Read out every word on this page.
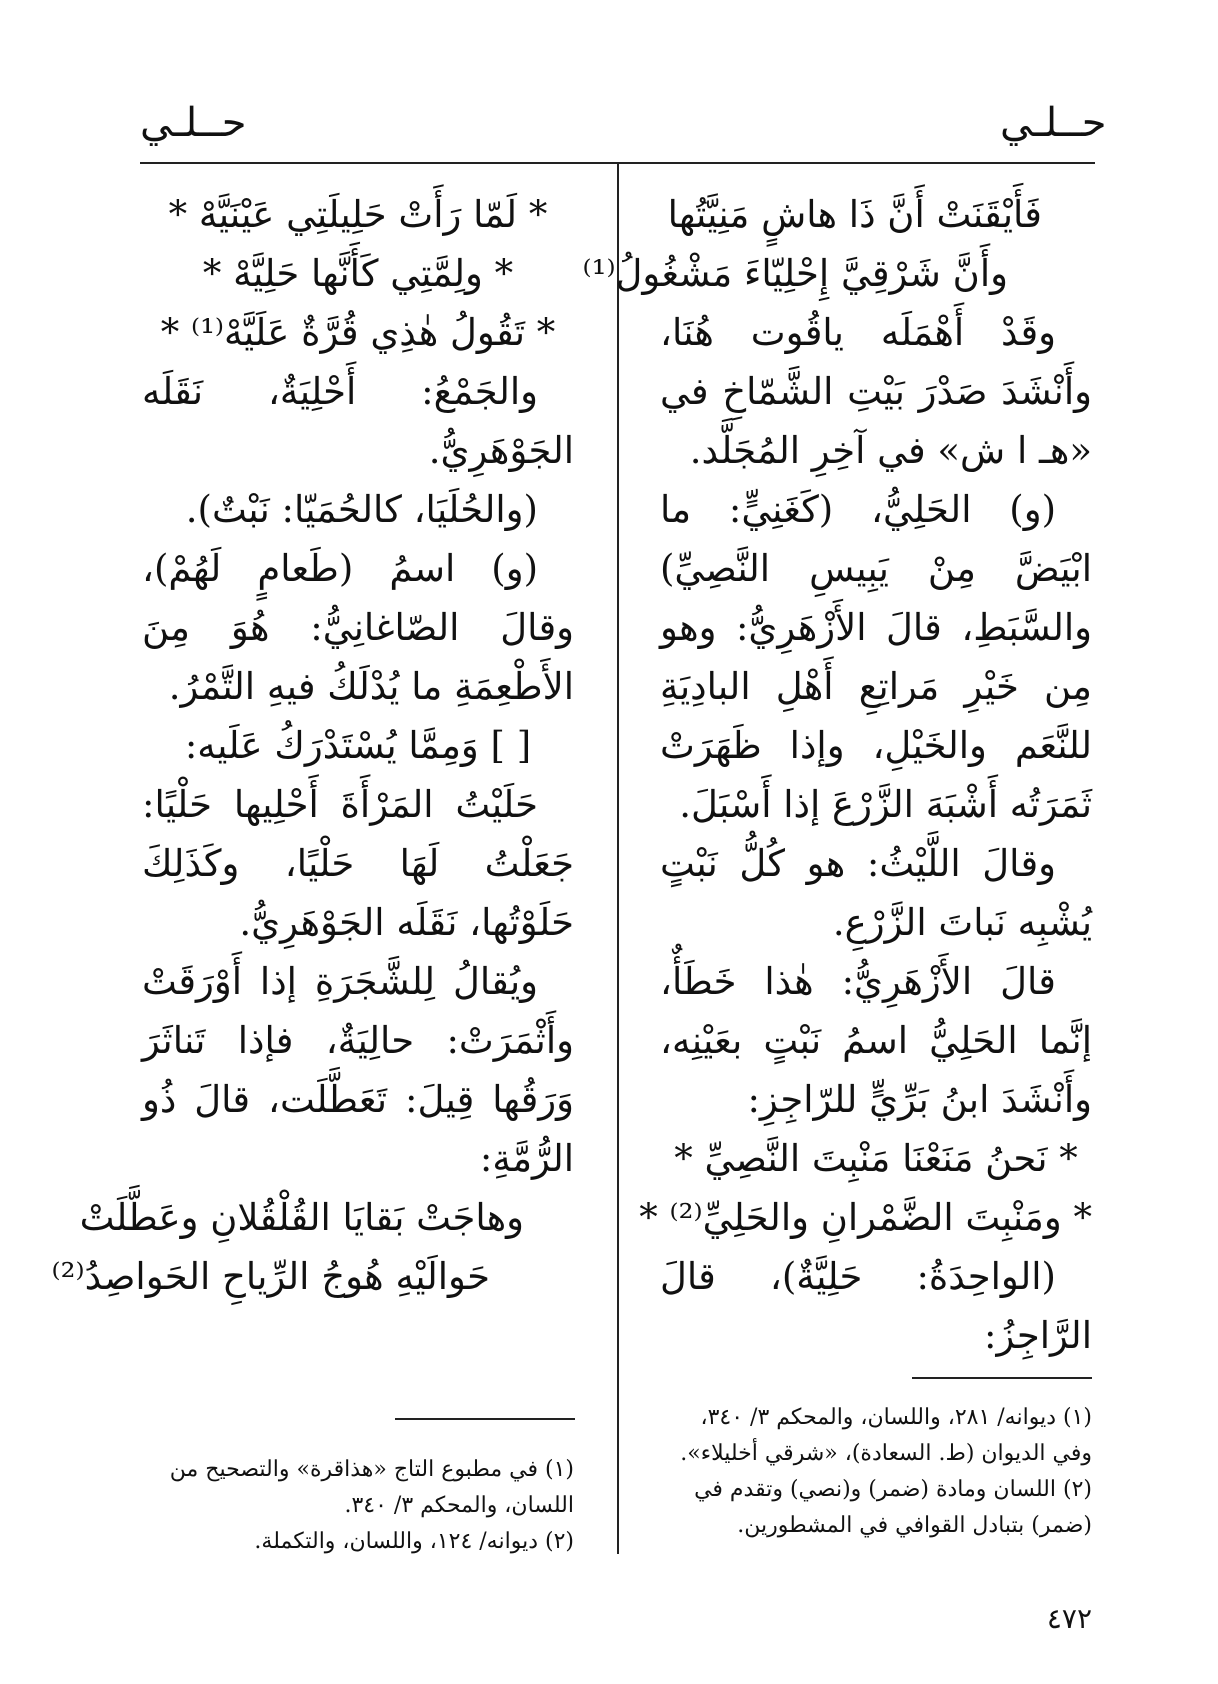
حــلـي
حــلـي

فَأَيْقَنَتْ أَنَّ ذَا هاشٍ مَنِيَّتُها

وأَنَّ شَرْقِيَّ إِحْلِيّاءَ مَشْغُولُ⁽¹⁾

وقَدْ أَهْمَلَه ياقُوت هُنَا، وأَنْشَدَ صَدْرَ بَيْتِ الشَّمّاخِ في «هـ ا ش» في آخِرِ المُجَلَّد.

(و) الحَلِيُّ، (كَغَنِيٍّ: ما ابْيَضَّ مِنْ يَبِيسِ النَّصِيِّ) والسَّبَطِ، قالَ الأَزْهَرِيُّ: وهو مِن خَيْرِ مَراتِعِ أَهْلِ البادِيَةِ للنَّعَم والخَيْلِ، وإذا ظَهَرَتْ ثَمَرَتُه أَشْبَهَ الزَّرْعَ إذا أَسْبَلَ.

وقالَ اللَّيْثُ: هو كُلُّ نَبْتٍ يُشْبِه نَباتَ الزَّرْعِ.

قالَ الأَزْهَرِيُّ: هٰذا خَطَأٌ، إنَّما الحَلِيُّ اسمُ نَبْتٍ بعَيْنِه، وأَنْشَدَ ابنُ بَرِّيٍّ للرّاجِزِ:

* نَحنُ مَنَعْنَا مَنْبِتَ النَّصِيِّ *

* ومَنْبِتَ الضَّمْرانِ والحَلِيِّ⁽²⁾ *

(الواحِدَةُ: حَلِيَّةٌ)، قالَ الرَّاجِزُ:

* لَمّا رَأَتْ حَلِيلَتِي عَيْنَيَّهْ *

* ولِمَّتِي كَأَنَّها حَلِيَّهْ *

* تَقُولُ هٰذِي قُرَّةٌ عَلَيَّهْ⁽¹⁾ *

والجَمْعُ: أَحْلِيَةٌ، نَقَلَه الجَوْهَرِيُّ.

(والحُلَيَا، كالحُمَيّا: نَبْتٌ).

(و) اسمُ (طَعامٍ لَهُمْ)، وقالَ الصّاغانِيُّ: هُوَ مِنَ الأَطْعِمَةِ ما يُدْلَكُ فيهِ التَّمْرُ.

[ ] وَمِمَّا يُسْتَدْرَكُ عَلَيه:

حَلَيْتُ المَرْأَةَ أَحْلِيها حَلْيًا: جَعَلْتُ لَهَا حَلْيًا، وكَذَلِكَ حَلَوْتُها، نَقَلَه الجَوْهَرِيُّ.

ويُقالُ لِلشَّجَرَةِ إذا أَوْرَقَتْ وأَثْمَرَتْ: حالِيَةٌ، فإذا تَناثَرَ وَرَقُها قِيلَ: تَعَطَّلَت، قالَ ذُو الرُّمَّةِ:

وهاجَتْ بَقايَا القُلْقُلانِ وعَطَّلَتْ

حَوالَيْهِ هُوجُ الرِّياحِ الحَواصِدُ⁽²⁾

(١) ديوانه/ ٢٨١، واللسان، والمحكم ٣/ ٣٤٠، وفي الديوان (ط. السعادة)، «شرقي أخليلاء».

(٢) اللسان ومادة (ضمر) و(نصي) وتقدم في (ضمر) بتبادل القوافي في المشطورين.

(١) في مطبوع التاج «هذاقرة» والتصحيح من اللسان، والمحكم ٣/ ٣٤٠.

(٢) ديوانه/ ١٢٤، واللسان، والتكملة.

٤٧٢
